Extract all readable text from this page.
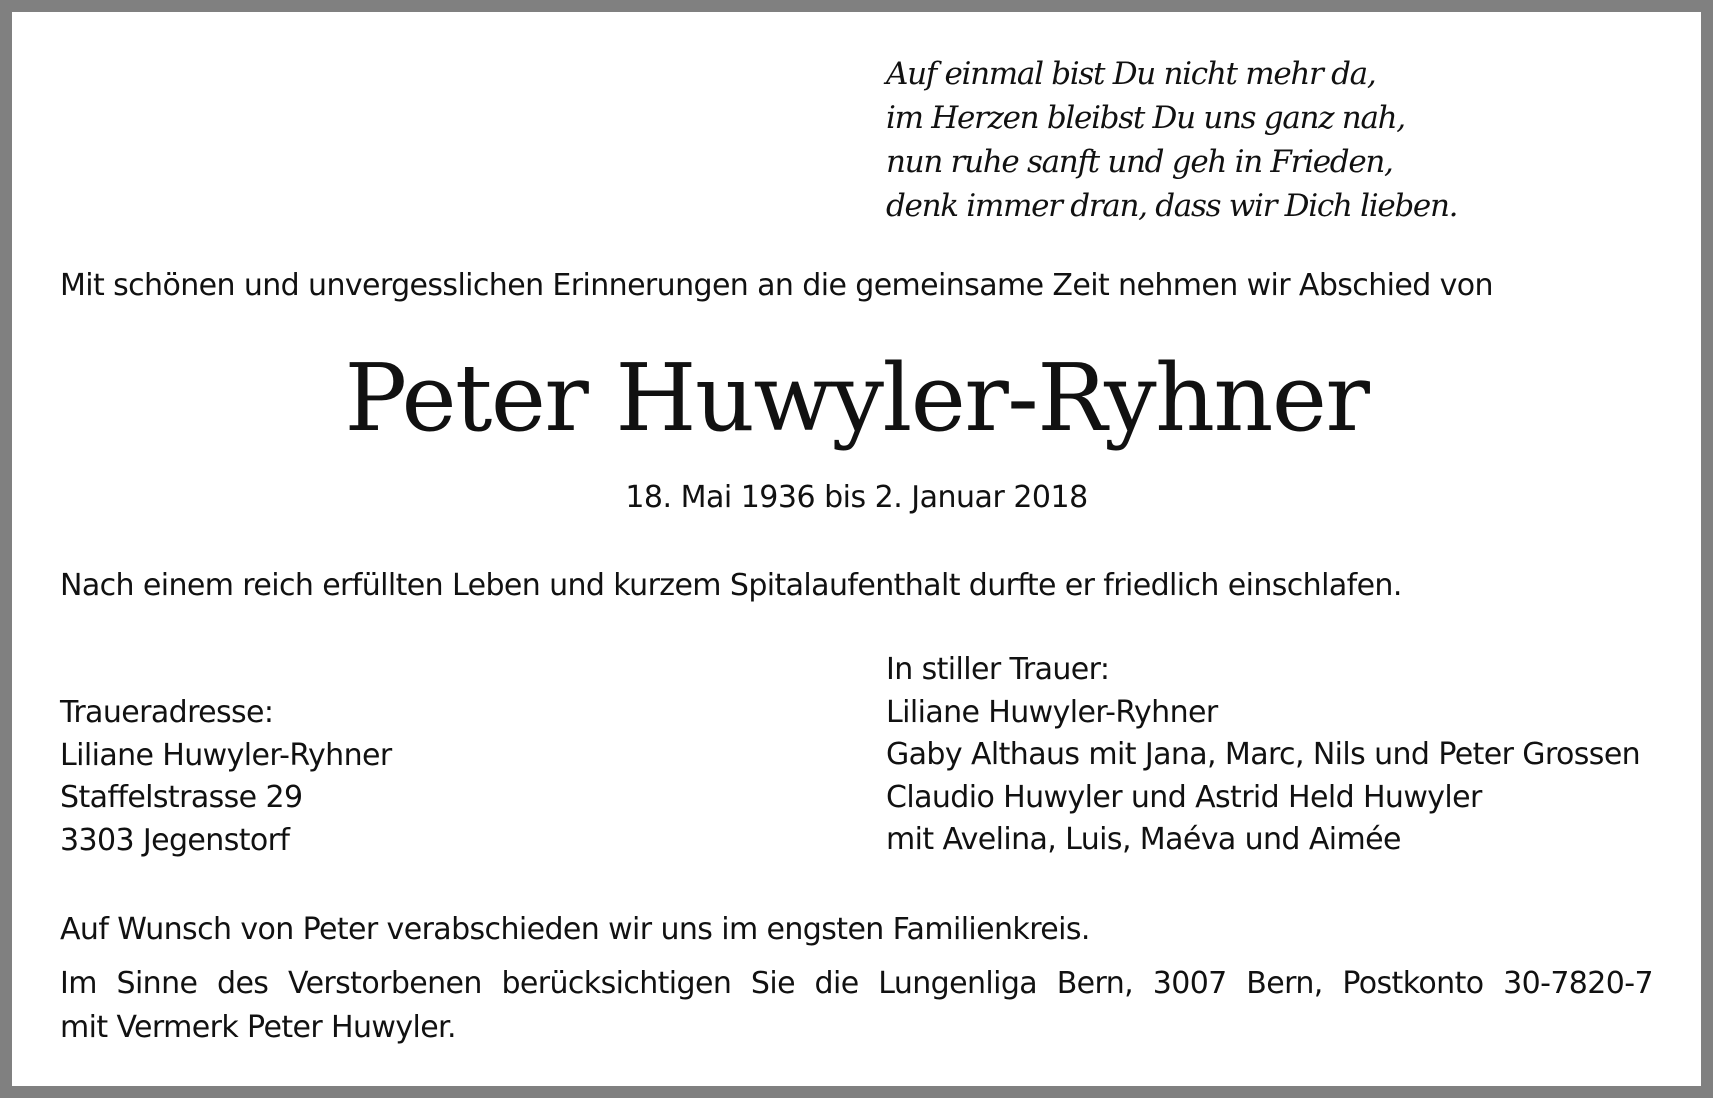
Auf einmal bist Du nicht mehr da,
im Herzen bleibst Du uns ganz nah,
nun ruhe sanft und geh in Frieden,
denk immer dran, dass wir Dich lieben.
Mit schönen und unvergesslichen Erinnerungen an die gemeinsame Zeit nehmen wir Abschied von
Peter Huwyler-Ryhner
18. Mai 1936 bis 2. Januar 2018
Nach einem reich erfüllten Leben und kurzem Spitalaufenthalt durfte er friedlich einschlafen.
Traueradresse:
Liliane Huwyler-Ryhner
Staffelstrasse 29
3303 Jegenstorf
In stiller Trauer:
Liliane Huwyler-Ryhner
Gaby Althaus mit Jana, Marc, Nils und Peter Grossen
Claudio Huwyler und Astrid Held Huwyler
mit Avelina, Luis, Maéva und Aimée
Auf Wunsch von Peter verabschieden wir uns im engsten Familienkreis.
Im Sinne des Verstorbenen berücksichtigen Sie die Lungenliga Bern, 3007 Bern, Postkonto 30-7820-7
mit Vermerk Peter Huwyler.
